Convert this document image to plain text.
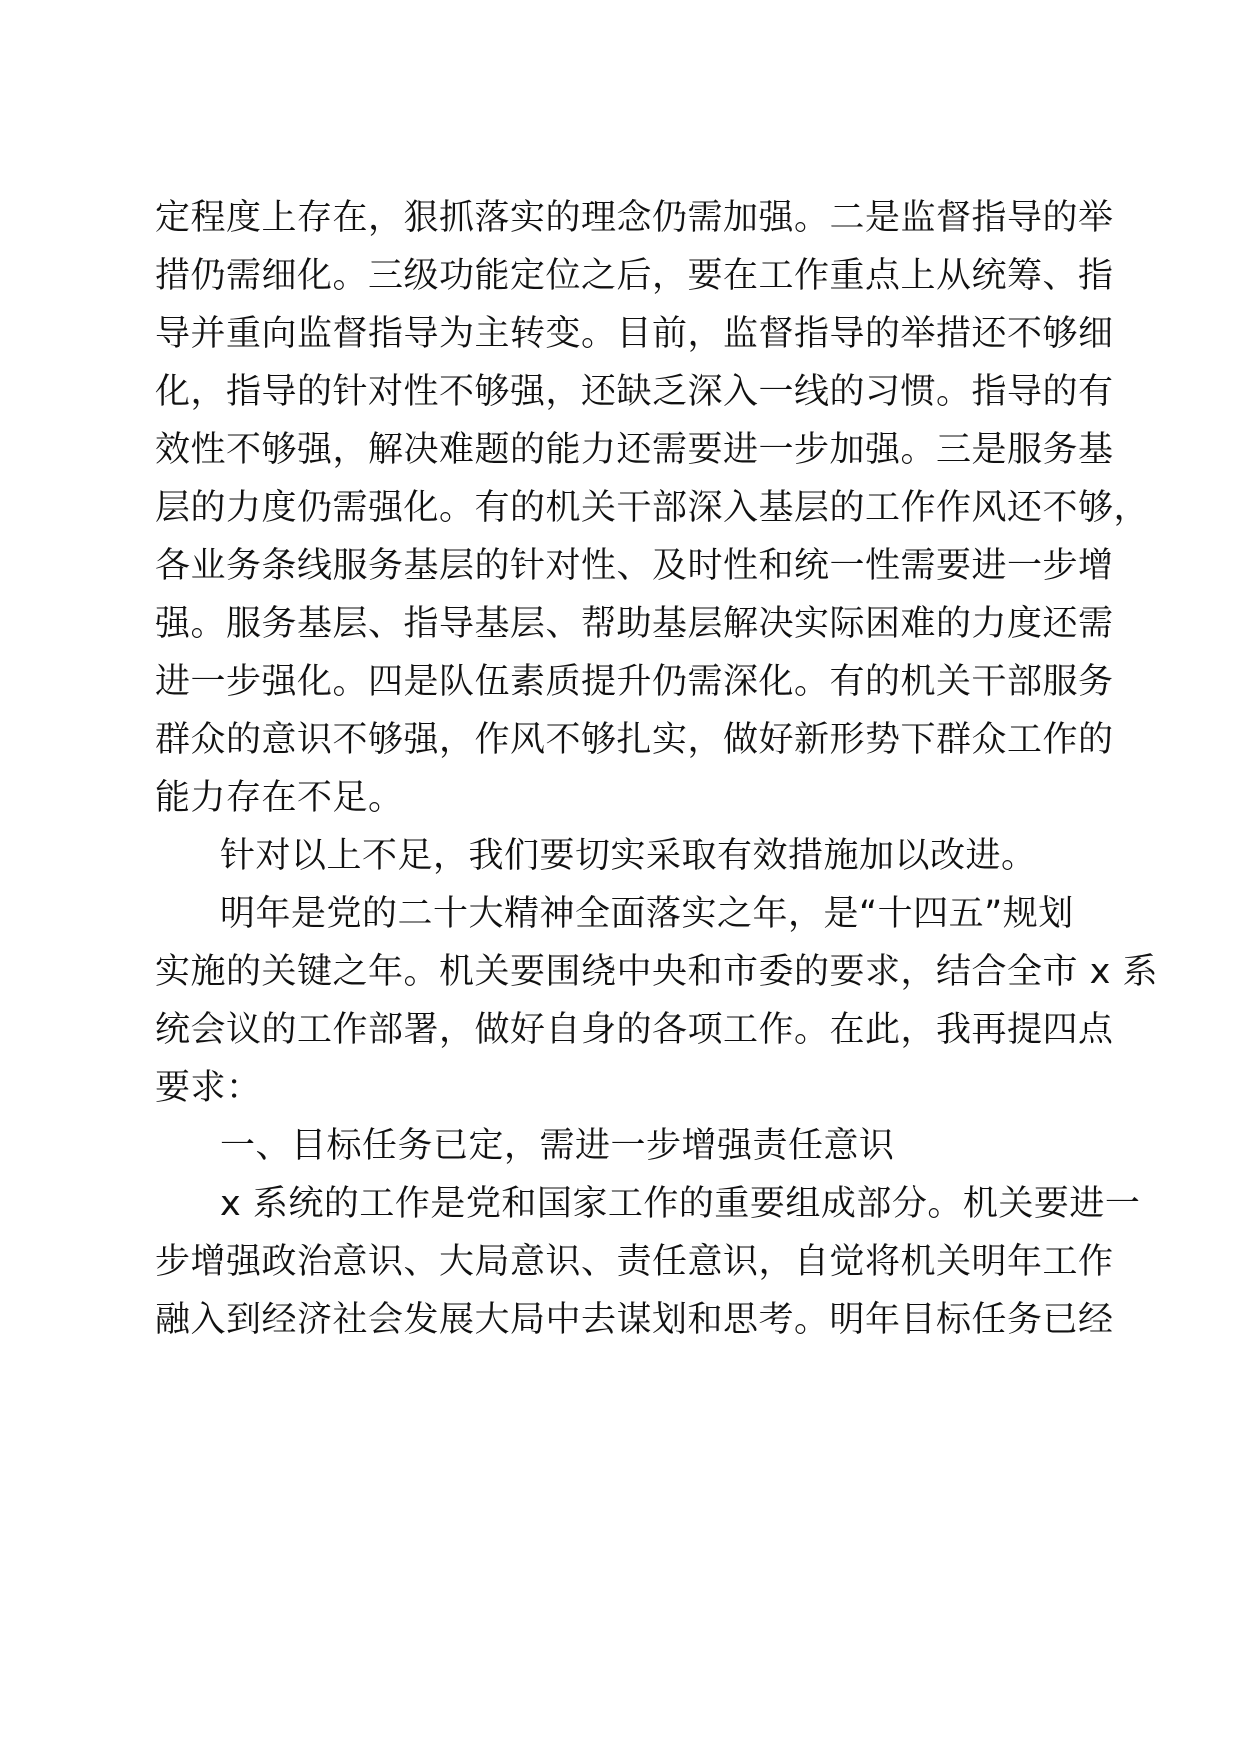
定程度上存在，狠抓落实的理念仍需加强。二是监督指导的举
措仍需细化。三级功能定位之后，要在工作重点上从统筹、指
导并重向监督指导为主转变。目前，监督指导的举措还不够细
化，指导的针对性不够强，还缺乏深入一线的习惯。指导的有
效性不够强，解决难题的能力还需要进一步加强。三是服务基
层的力度仍需强化。有的机关干部深入基层的工作作风还不够，
各业务条线服务基层的针对性、及时性和统一性需要进一步增
强。服务基层、指导基层、帮助基层解决实际困难的力度还需
进一步强化。四是队伍素质提升仍需深化。有的机关干部服务
群众的意识不够强，作风不够扎实，做好新形势下群众工作的
能力存在不足。
针对以上不足，我们要切实采取有效措施加以改进。
明年是党的二十大精神全面落实之年，是“十四五”规划
实施的关键之年。机关要围绕中央和市委的要求，结合全市 x 系
统会议的工作部署，做好自身的各项工作。在此，我再提四点
要求：
一、目标任务已定，需进一步增强责任意识
x 系统的工作是党和国家工作的重要组成部分。机关要进一
步增强政治意识、大局意识、责任意识，自觉将机关明年工作
融入到经济社会发展大局中去谋划和思考。明年目标任务已经
